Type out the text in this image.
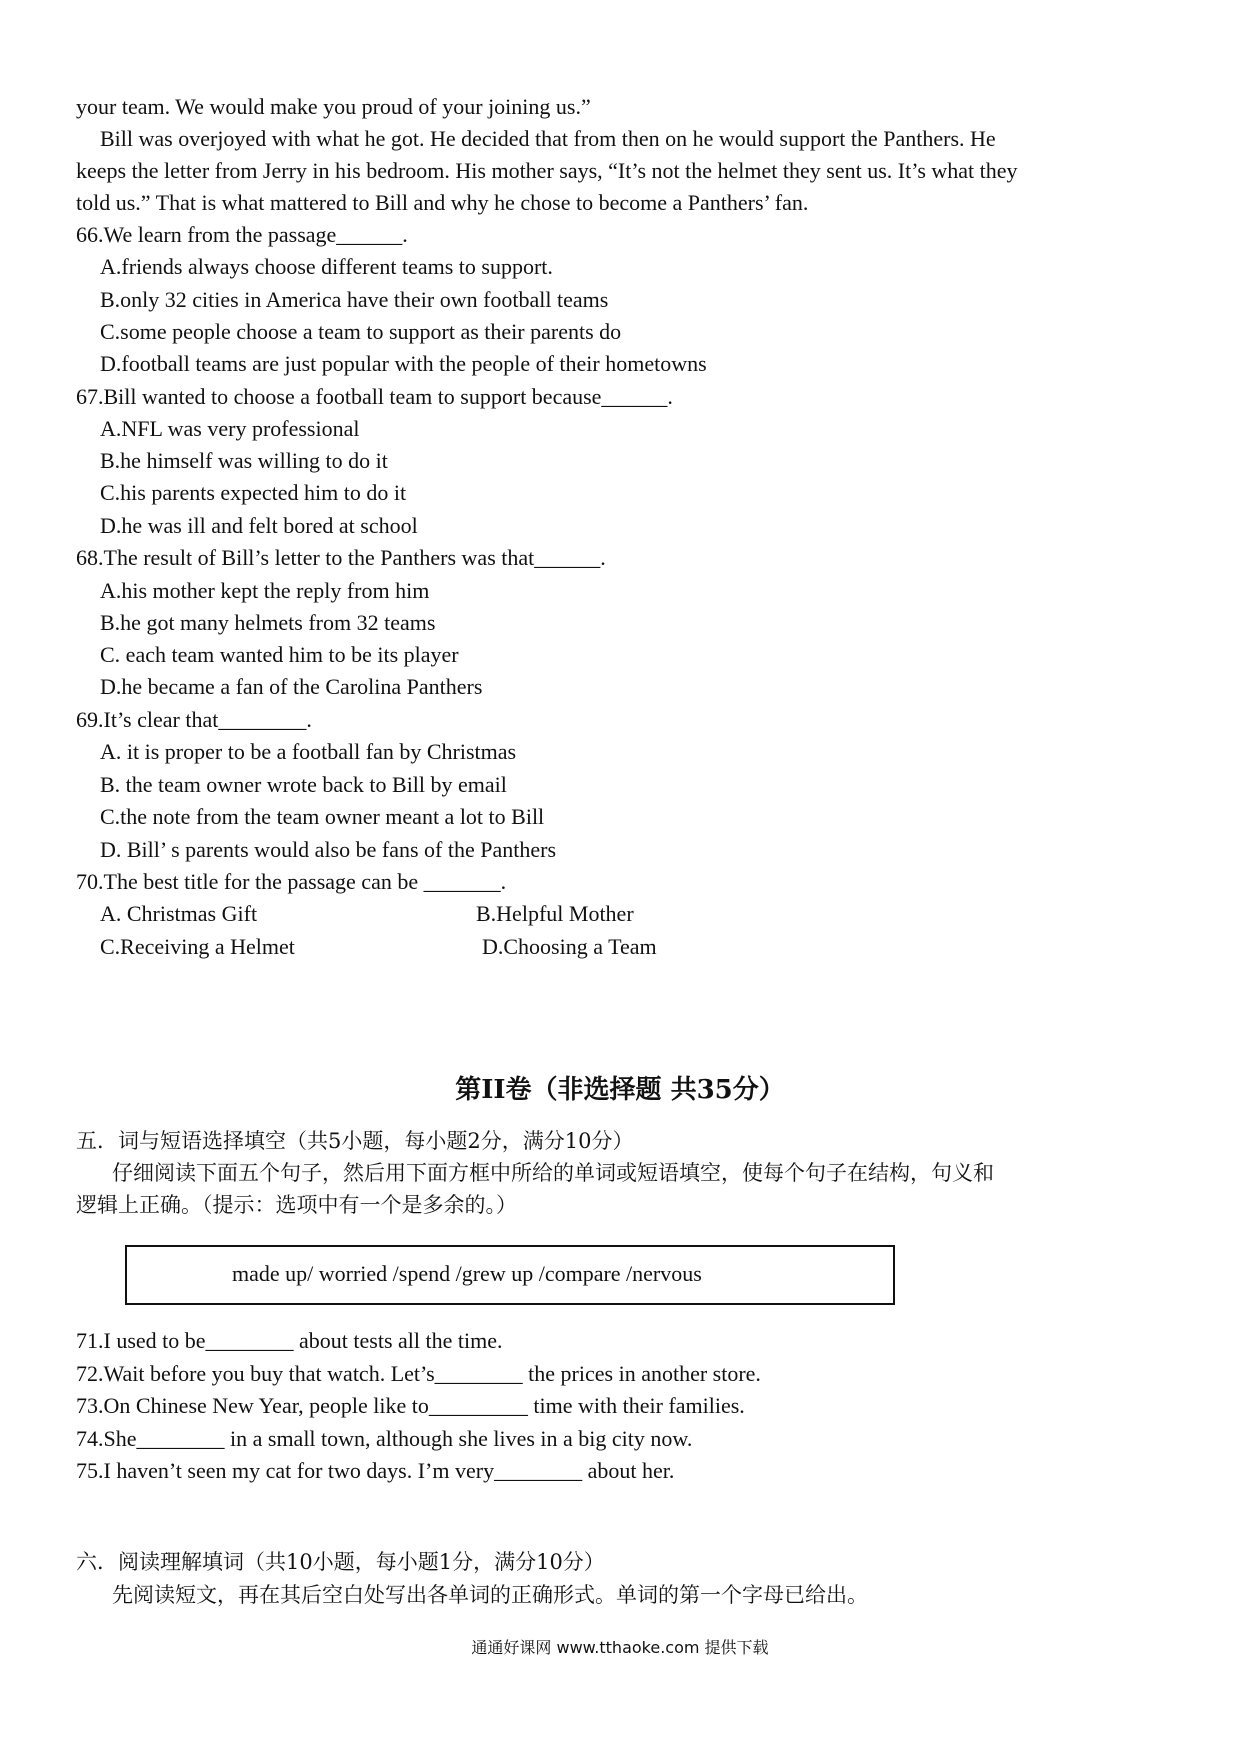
your team. We would make you proud of your joining us.”
Bill was overjoyed with what he got. He decided that from then on he would support the Panthers. He
keeps the letter from Jerry in his bedroom. His mother says, “It’s not the helmet they sent us. It’s what they
told us.” That is what mattered to Bill and why he chose to become a Panthers’ fan.
66.We learn from the passage______.
A.friends always choose different teams to support.
B.only 32 cities in America have their own football teams
C.some people choose a team to support as their parents do
D.football teams are just popular with the people of their hometowns
67.Bill wanted to choose a football team to support because______.
A.NFL was very professional
B.he himself was willing to do it
C.his parents expected him to do it
D.he was ill and felt bored at school
68.The result of Bill’s letter to the Panthers was that______.
A.his mother kept the reply from him
B.he got many helmets from 32 teams
C. each team wanted him to be its player
D.he became a fan of the Carolina Panthers
69.It’s clear that________.
A. it is proper to be a football fan by Christmas
B. the team owner wrote back to Bill by email
C.the note from the team owner meant a lot to Bill
D. Bill’ s parents would also be fans of the Panthers
70.The best title for the passage can be _______.
A. Christmas Gift	B.Helpful Mother
C.Receiving a Helmet	D.Choosing a Team
第II卷（非选择题 共35分）
五．词与短语选择填空（共5小题，每小题2分，满分10分）
仔细阅读下面五个句子，然后用下面方框中所给的单词或短语填空，使每个句子在结构，句义和
逻辑上正确。（提示：选项中有一个是多余的。）
made up/ worried /spend /grew up /compare /nervous
71.I used to be________ about tests all the time.
72.Wait before you buy that watch. Let’s________ the prices in another store.
73.On Chinese New Year, people like to_________ time with their families.
74.She________ in a small town, although she lives in a big city now.
75.I haven’t seen my cat for two days. I’m very________ about her.
六．阅读理解填词（共10小题，每小题1分，满分10分）
先阅读短文，再在其后空白处写出各单词的正确形式。单词的第一个字母已给出。
通通好课网 www.tthaoke.com 提供下载
